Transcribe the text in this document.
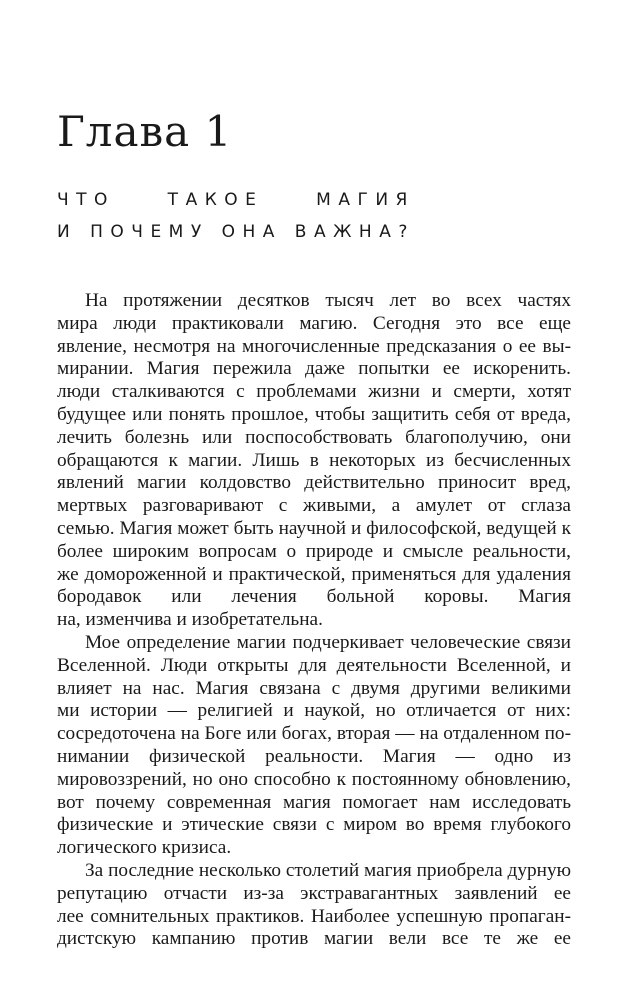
Глава 1
ЧТО ТАКОЕ МАГИЯ
И ПОЧЕМУ ОНА ВАЖНА?

На протяжении десятков тысяч лет во всех частях
мира люди практиковали магию. Сегодня это все еще
явление, несмотря на многочисленные предсказания о ее вы-
мирании. Магия пережила даже попытки ее искоренить.
люди сталкиваются с проблемами жизни и смерти, хотят
будущее или понять прошлое, чтобы защитить себя от вреда,
лечить болезнь или поспособствовать благополучию, они
обращаются к магии. Лишь в некоторых из бесчисленных
явлений магии колдовство действительно приносит вред,
мертвых разговаривают с живыми, а амулет от сглаза
семью. Магия может быть научной и философской, ведущей к
более широким вопросам о природе и смысле реальности,
же домороженной и практической, применяться для удаления
бородавок или лечения больной коровы. Магия
на, изменчива и изобретательна.

Мое определение магии подчеркивает человеческие связи
Вселенной. Люди открыты для деятельности Вселенной, и
влияет на нас. Магия связана с двумя другими великими
ми истории — религией и наукой, но отличается от них:
сосредоточена на Боге или богах, вторая — на отдаленном по-
нимании физической реальности. Магия — одно из
мировоззрений, но оно способно к постоянному обновлению,
вот почему современная магия помогает нам исследовать
физические и этические связи с миром во время глубокого
логического кризиса.

За последние несколько столетий магия приобрела дурную
репутацию отчасти из-за экстравагантных заявлений ее
лее сомнительных практиков. Наиболее успешную пропаган-
дистскую кампанию против магии вели все те же ее
